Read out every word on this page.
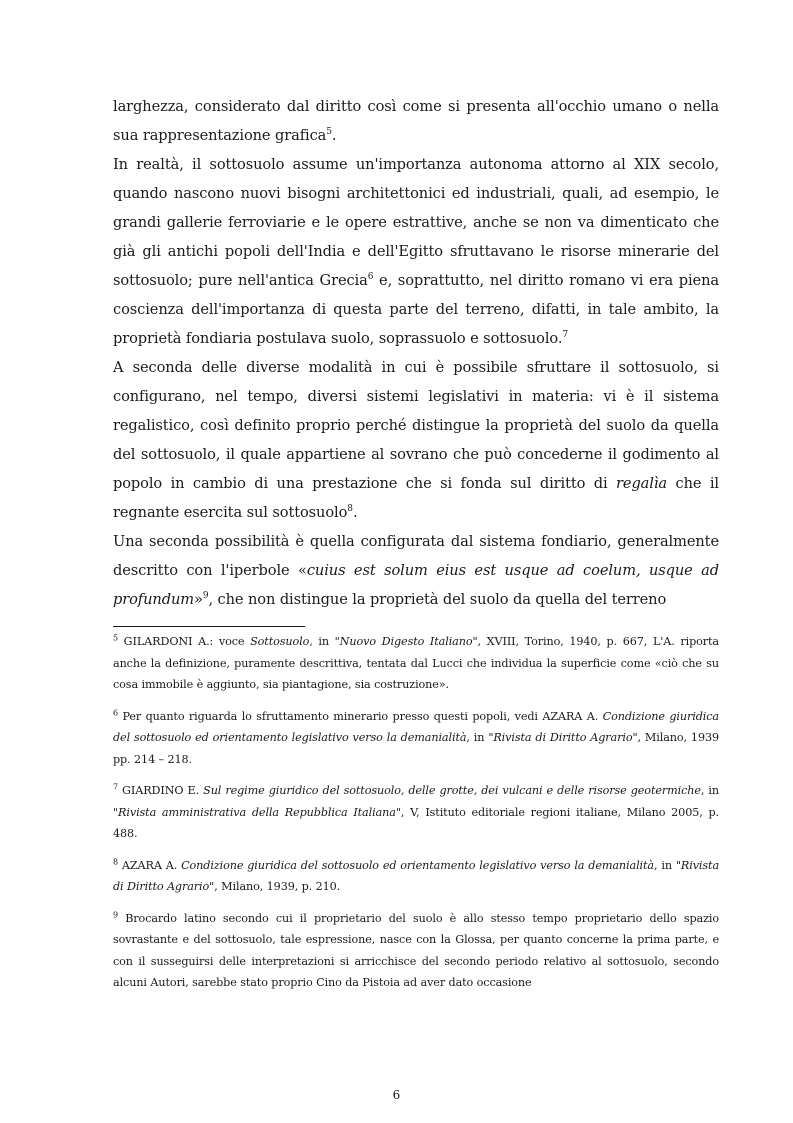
larghezza, considerato dal diritto così come si presenta all'occhio umano o nella sua rappresentazione grafica$^5$.

In realtà, il sottosuolo assume un'importanza autonoma attorno al XIX secolo, quando nascono nuovi bisogni architettonici ed industriali, quali, ad esempio, le grandi gallerie ferroviarie e le opere estrattive, anche se non va dimenticato che già gli antichi popoli dell'India e dell'Egitto sfruttavano le risorse minerarie del sottosuolo; pure nell'antica Grecia$^6$ e, soprattutto, nel diritto romano vi era piena coscienza dell'importanza di questa parte del terreno, difatti, in tale ambito, la proprietà fondiaria postulava suolo, soprassuolo e sottosuolo.$^7$

A seconda delle diverse modalità in cui è possibile sfruttare il sottosuolo, si configurano, nel tempo, diversi sistemi legislativi in materia: vi è il sistema regalistico, così definito proprio perché distingue la proprietà del suolo da quella del sottosuolo, il quale appartiene al sovrano che può concederne il godimento al popolo in cambio di una prestazione che si fonda sul diritto di regalìa che il regnante esercita sul sottosuolo$^8$.

Una seconda possibilità è quella configurata dal sistema fondiario, generalmente descritto con l'iperbole «cuius est solum eius est usque ad coelum, usque ad profundum»$^9$, che non distingue la proprietà del suolo da quella del terreno

$^5$ GILARDONI A.: voce Sottosuolo, in "Nuovo Digesto Italiano", XVIII, Torino, 1940, p. 667, L'A. riporta anche la definizione, puramente descrittiva, tentata dal Lucci che individua la superficie come «ciò che su cosa immobile è aggiunto, sia piantagione, sia costruzione».

$^6$ Per quanto riguarda lo sfruttamento minerario presso questi popoli, vedi AZARA A. Condizione giuridica del sottosuolo ed orientamento legislativo verso la demanialità, in "Rivista di Diritto Agrario", Milano, 1939 pp. 214 – 218.

$^7$ GIARDINO E. Sul regime giuridico del sottosuolo, delle grotte, dei vulcani e delle risorse geotermiche, in "Rivista amministrativa della Repubblica Italiana", V, Istituto editoriale regioni italiane, Milano 2005, p. 488.

$^8$ AZARA A. Condizione giuridica del sottosuolo ed orientamento legislativo verso la demanialità, in "Rivista di Diritto Agrario", Milano, 1939, p. 210.

$^9$ Brocardo latino secondo cui il proprietario del suolo è allo stesso tempo proprietario dello spazio sovrastante e del sottosuolo, tale espressione, nasce con la Glossa, per quanto concerne la prima parte, e con il susseguirsi delle interpretazioni si arricchisce del secondo periodo relativo al sottosuolo, secondo alcuni Autori, sarebbe stato proprio Cino da Pistoia ad aver dato occasione

6
